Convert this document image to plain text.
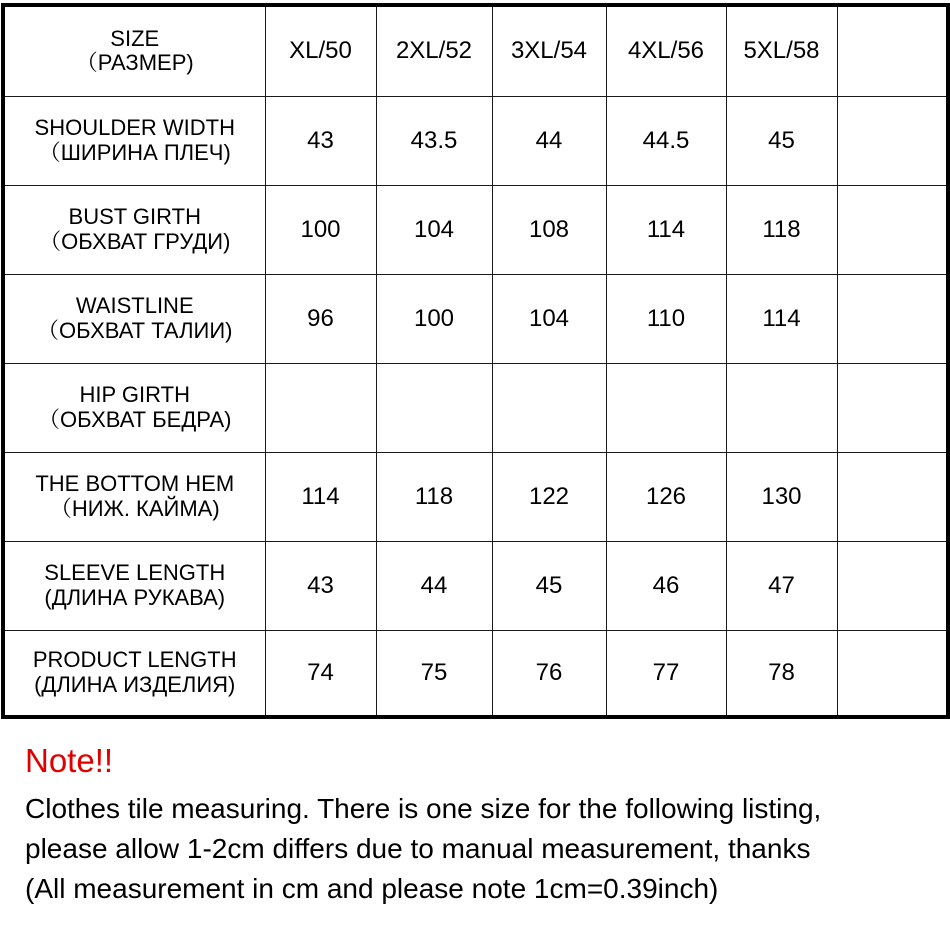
SIZE
（РАЗМЕР)	XL/50	2XL/52	3XL/54	4XL/56	5XL/58	

SHOULDER WIDTH
（ШИРИНА ПЛЕЧ)	43	43.5	44	44.5	45	

BUST GIRTH
（ОБХВАТ ГРУДИ)	100	104	108	114	118	

WAISTLINE
（ОБХВАТ ТАЛИИ)	96	100	104	110	114	

HIP GIRTH
（ОБХВАТ БЕДРА)						

THE BOTTOM HEM
（НИЖ. КАЙМА)	114	118	122	126	130	

SLEEVE LENGTH
(ДЛИНА РУКАВА)	43	44	45	46	47	

PRODUCT LENGTH
(ДЛИНА ИЗДЕЛИЯ)	74	75	76	77	78	

Note!!

Clothes tile measuring. There is one size for the following listing,

please allow 1-2cm differs due to manual measurement, thanks

(All measurement in cm and please note 1cm=0.39inch)
